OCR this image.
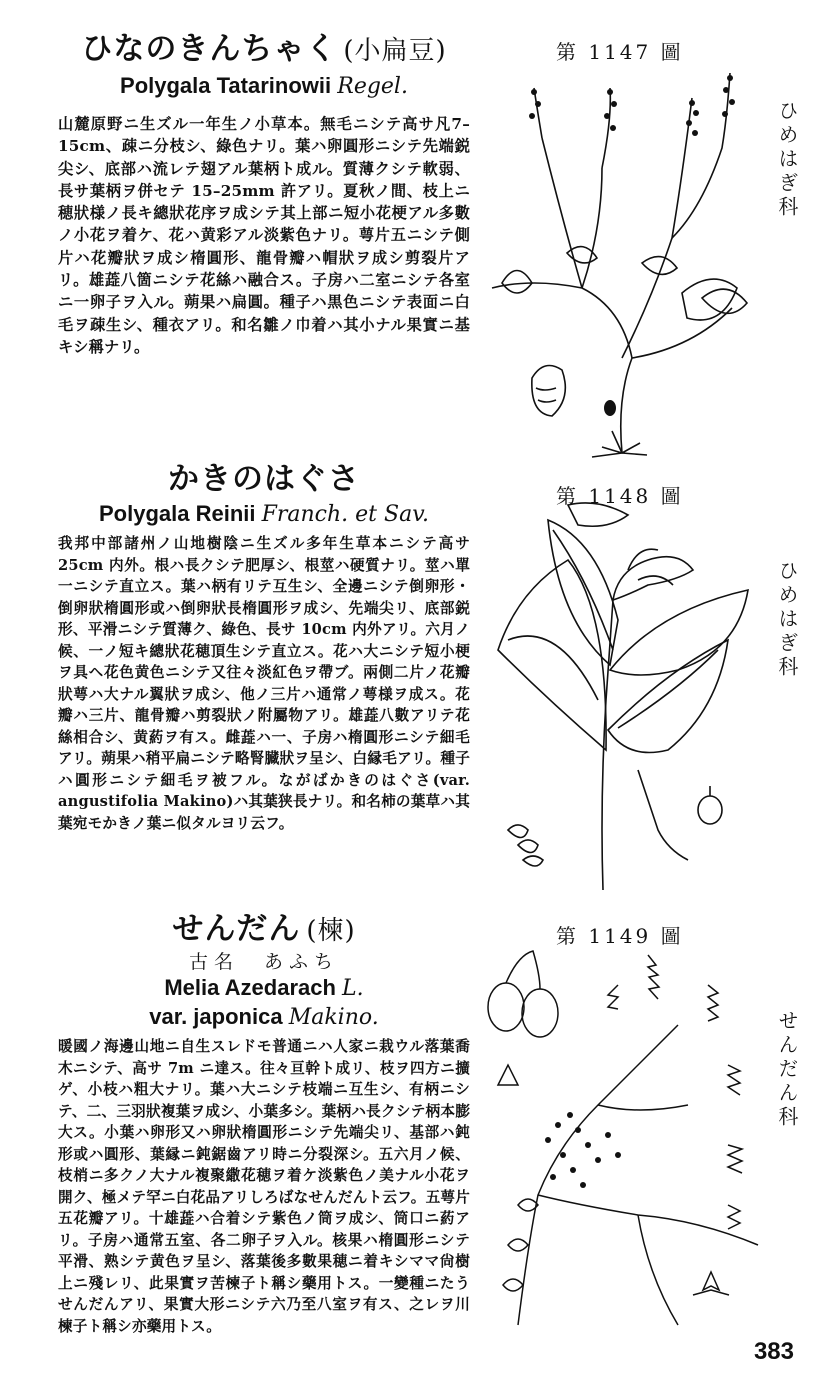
ひなのきんちゃく (小扁豆)
Polygala Tatarinowii Regel.
山麓原野ニ生ズル一年生ノ小草本。無毛ニシテ高サ凡7–15cm、疎ニ分枝シ、綠色ナリ。葉ハ卵圓形ニシテ先端鋭尖シ、底部ハ流レテ翅アル葉柄ト成ル。質薄クシテ軟弱、長サ葉柄ヲ併セテ 15–25mm 許アリ。夏秋ノ間、枝上ニ穂狀様ノ長キ總狀花序ヲ成シテ其上部ニ短小花梗アル多數ノ小花ヲ着ケ、花ハ黄彩アル淡紫色ナリ。萼片五ニシテ側片ハ花瓣狀ヲ成シ楕圓形、龍骨瓣ハ帽狀ヲ成シ剪裂片アリ。雄蕋八箇ニシテ花絲ハ融合ス。子房ハ二室ニシテ各室ニ一卵子ヲ入ル。蒴果ハ扁圓。種子ハ黒色ニシテ表面ニ白毛ヲ疎生シ、種衣アリ。和名雛ノ巾着ハ其小ナル果實ニ基キシ稱ナリ。
第 1147 圖
ひめはぎ科
かきのはぐさ
Polygala Reinii Franch. et Sav.
我邦中部諸州ノ山地樹陰ニ生ズル多年生草本ニシテ高サ 25cm 内外。根ハ長クシテ肥厚シ、根莖ハ硬質ナリ。莖ハ單一ニシテ直立ス。葉ハ柄有リテ互生シ、全邊ニシテ倒卵形・倒卵狀楕圓形或ハ倒卵狀長楕圓形ヲ成シ、先端尖リ、底部鋭形、平滑ニシテ質薄ク、綠色、長サ 10cm 内外アリ。六月ノ候、一ノ短キ總狀花穂頂生シテ直立ス。花ハ大ニシテ短小梗ヲ具ヘ花色黄色ニシテ又往々淡紅色ヲ帶ブ。兩側二片ノ花瓣狀萼ハ大ナル翼狀ヲ成シ、他ノ三片ハ通常ノ萼様ヲ成ス。花瓣ハ三片、龍骨瓣ハ剪裂狀ノ附屬物アリ。雄蕋八數アリテ花絲相合シ、黄葯ヲ有ス。雌蕋ハ一、子房ハ楕圓形ニシテ細毛アリ。蒴果ハ稍平扁ニシテ略腎臓狀ヲ呈シ、白縁毛アリ。種子ハ圓形ニシテ細毛ヲ被フル。ながばかきのはぐさ(var. angustifolia Makino)ハ其葉狭長ナリ。和名柿の葉草ハ其葉宛モかきノ葉ニ似タルヨリ云フ。
第 1148 圖
ひめはぎ科
せんだん (楝)
古名　あふち
Melia Azedarach L.
var. japonica Makino.
暖國ノ海邊山地ニ自生スレドモ普通ニハ人家ニ栽ウル落葉喬木ニシテ、高サ 7m ニ達ス。往々亘幹ト成リ、枝ヲ四方ニ擴ゲ、小枝ハ粗大ナリ。葉ハ大ニシテ枝端ニ互生シ、有柄ニシテ、二、三羽狀複葉ヲ成シ、小葉多シ。葉柄ハ長クシテ柄本膨大ス。小葉ハ卵形又ハ卵狀楕圓形ニシテ先端尖リ、基部ハ鈍形或ハ圓形、葉縁ニ鈍鋸齒アリ時ニ分裂深シ。五六月ノ候、枝梢ニ多クノ大ナル複聚繖花穂ヲ着ケ淡紫色ノ美ナル小花ヲ開ク、極メテ罕ニ白花品アリしろばなせんだんト云フ。五萼片五花瓣アリ。十雄蕋ハ合着シテ紫色ノ筒ヲ成シ、筒口ニ葯アリ。子房ハ通常五室、各二卵子ヲ入ル。核果ハ楕圓形ニシテ平滑、熟シテ黄色ヲ呈シ、落葉後多數果穂ニ着キシママ尙樹上ニ殘レリ、此果實ヲ苦楝子ト稱シ藥用トス。一變種ニたうせんだんアリ、果實大形ニシテ六乃至八室ヲ有ス、之レヲ川楝子ト稱シ亦藥用トス。
第 1149 圖
せんだん科
383
